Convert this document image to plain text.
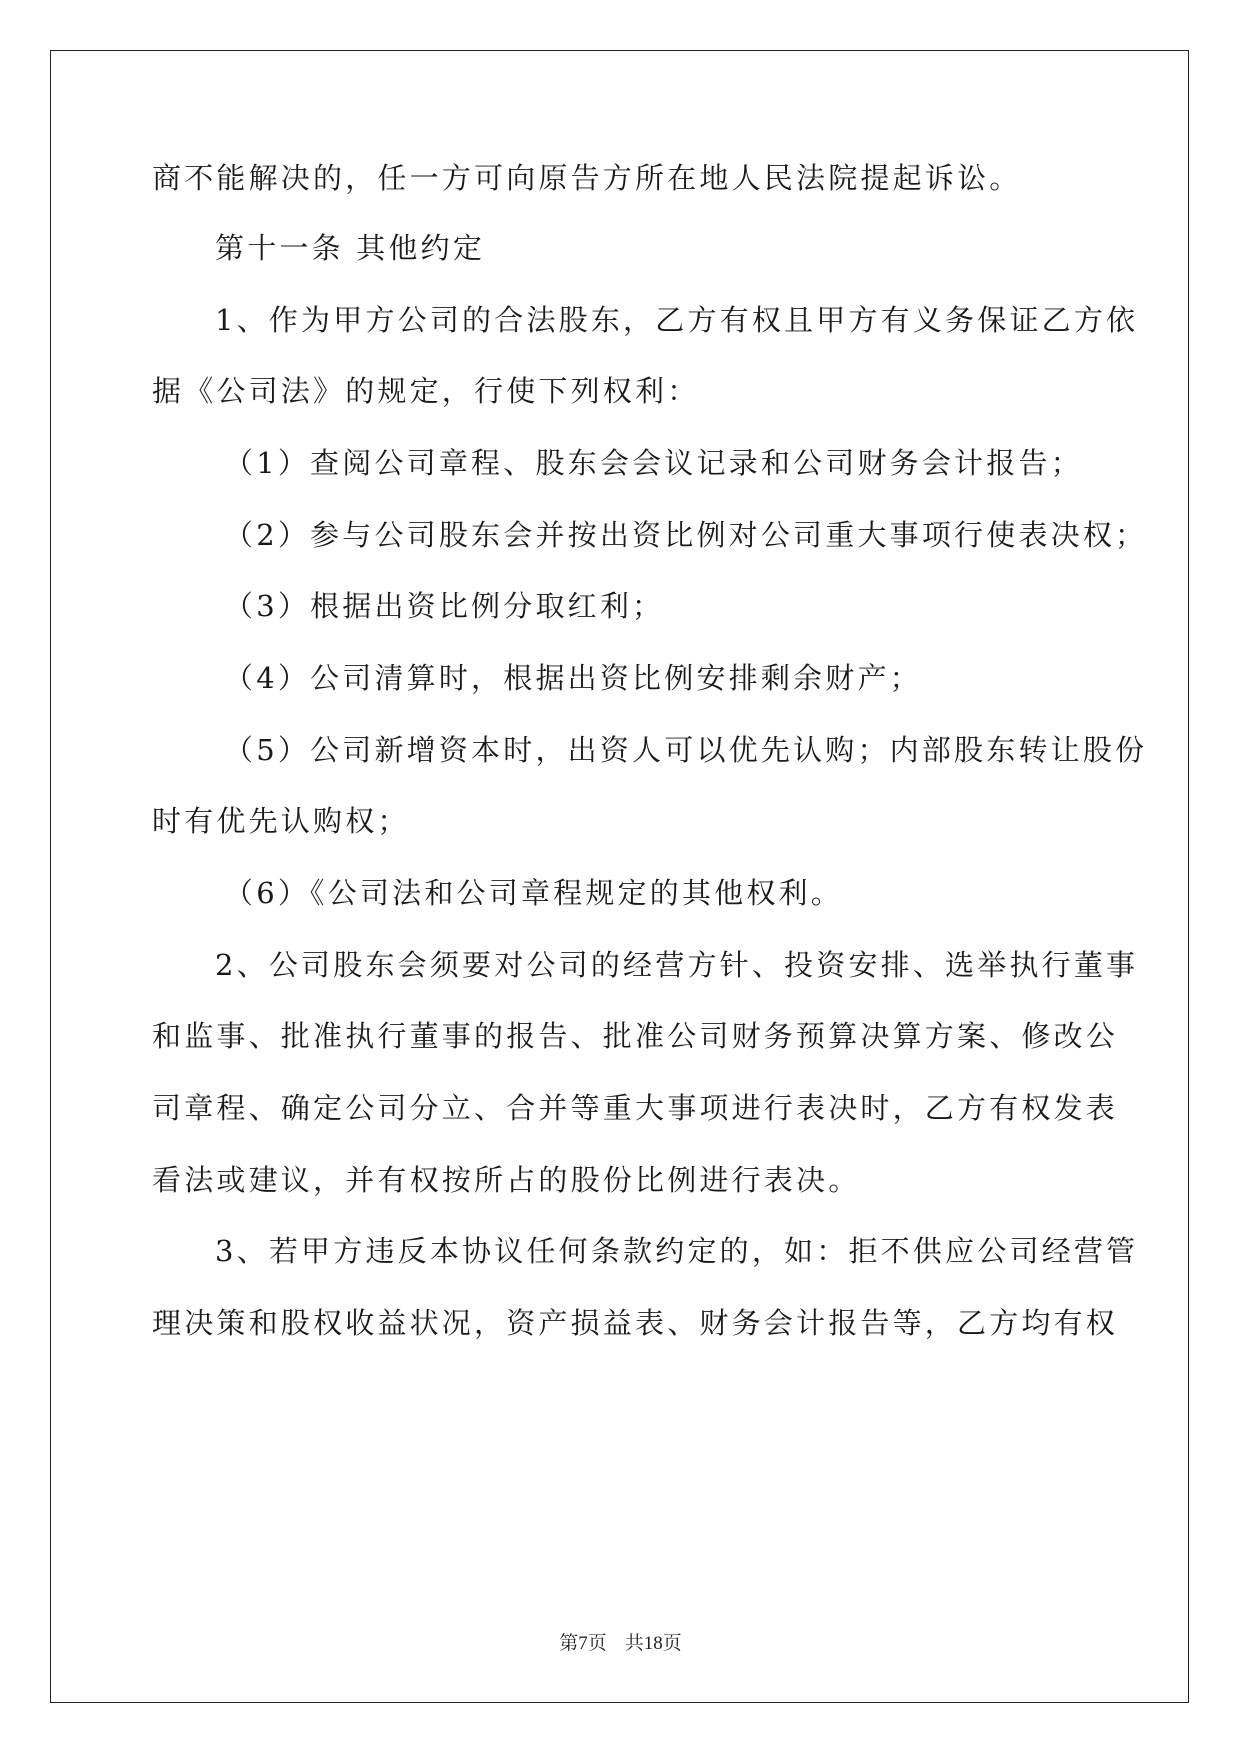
商不能解决的，任一方可向原告方所在地人民法院提起诉讼。
第十一条 其他约定
1、作为甲方公司的合法股东，乙方有权且甲方有义务保证乙方依
据《公司法》的规定，行使下列权利：
（1）查阅公司章程、股东会会议记录和公司财务会计报告；
（2）参与公司股东会并按出资比例对公司重大事项行使表决权；
（3）根据出资比例分取红利；
（4）公司清算时，根据出资比例安排剩余财产；
（5）公司新增资本时，出资人可以优先认购；内部股东转让股份
时有优先认购权；
（6）《公司法和公司章程规定的其他权利。
2、公司股东会须要对公司的经营方针、投资安排、选举执行董事
和监事、批准执行董事的报告、批准公司财务预算决算方案、修改公
司章程、确定公司分立、合并等重大事项进行表决时，乙方有权发表
看法或建议，并有权按所占的股份比例进行表决。
3、若甲方违反本协议任何条款约定的，如：拒不供应公司经营管
理决策和股权收益状况，资产损益表、财务会计报告等，乙方均有权
第7页 共18页
